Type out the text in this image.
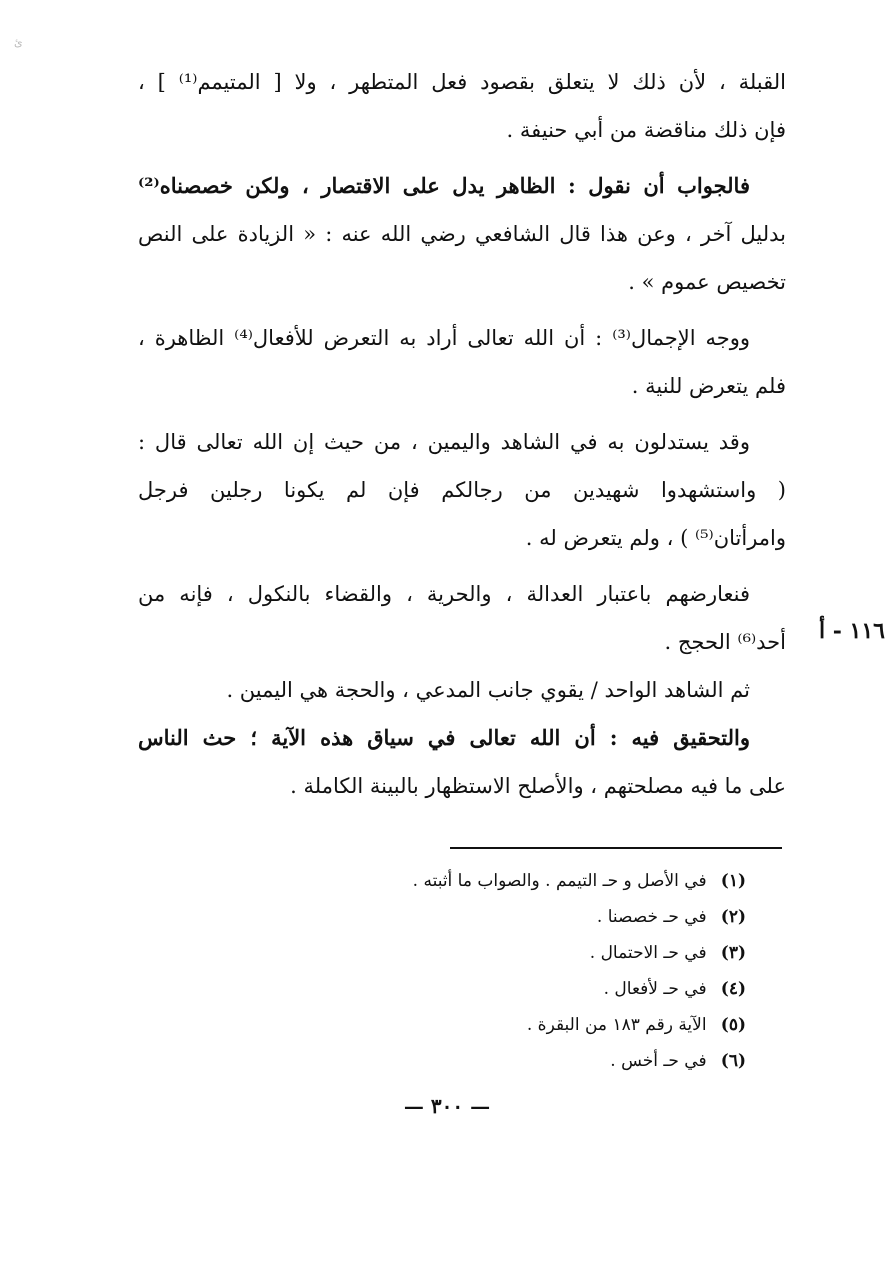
ئ
القبلة ، لأن ذلك لا يتعلق بقصود فعل المتطهر ، ولا [ المتيمم⁽¹⁾ ] ،
فإن ذلك مناقضة من أبي حنيفة .
فالجواب أن نقول : الظاهر يدل على الاقتصار ، ولكن خصصناه⁽²⁾
بدليل آخر ، وعن هذا قال الشافعي رضي الله عنه : « الزيادة على النص
تخصيص عموم » .
ووجه الإجمال⁽³⁾ : أن الله تعالى أراد به التعرض للأفعال⁽⁴⁾ الظاهرة ،
فلم يتعرض للنية .
وقد يستدلون به في الشاهد واليمين ، من حيث إن الله تعالى قال :
( واستشهدوا شهيدين من رجالكم فإن لم يكونا رجلين فرجل
وامرأتان⁽⁵⁾ ) ، ولم يتعرض له .
فنعارضهم باعتبار العدالة ، والحرية ، والقضاء بالنكول ، فإنه من
أحد⁽⁶⁾ الحجج .
ثم الشاهد الواحد / يقوي جانب المدعي ، والحجة هي اليمين .
والتحقيق فيه : أن الله تعالى في سياق هذه الآية ؛ حث الناس
على ما فيه مصلحتهم ، والأصلح الاستظهار بالبينة الكاملة .
١١٦ - أ
(١) في الأصل و حـ التيمم . والصواب ما أثبته .
(٢) في حـ خصصنا .
(٣) في حـ الاحتمال .
(٤) في حـ لأفعال .
(٥) الآية رقم ١٨٣ من البقرة .
(٦) في حـ أخس .
— ٣٠٠ —
